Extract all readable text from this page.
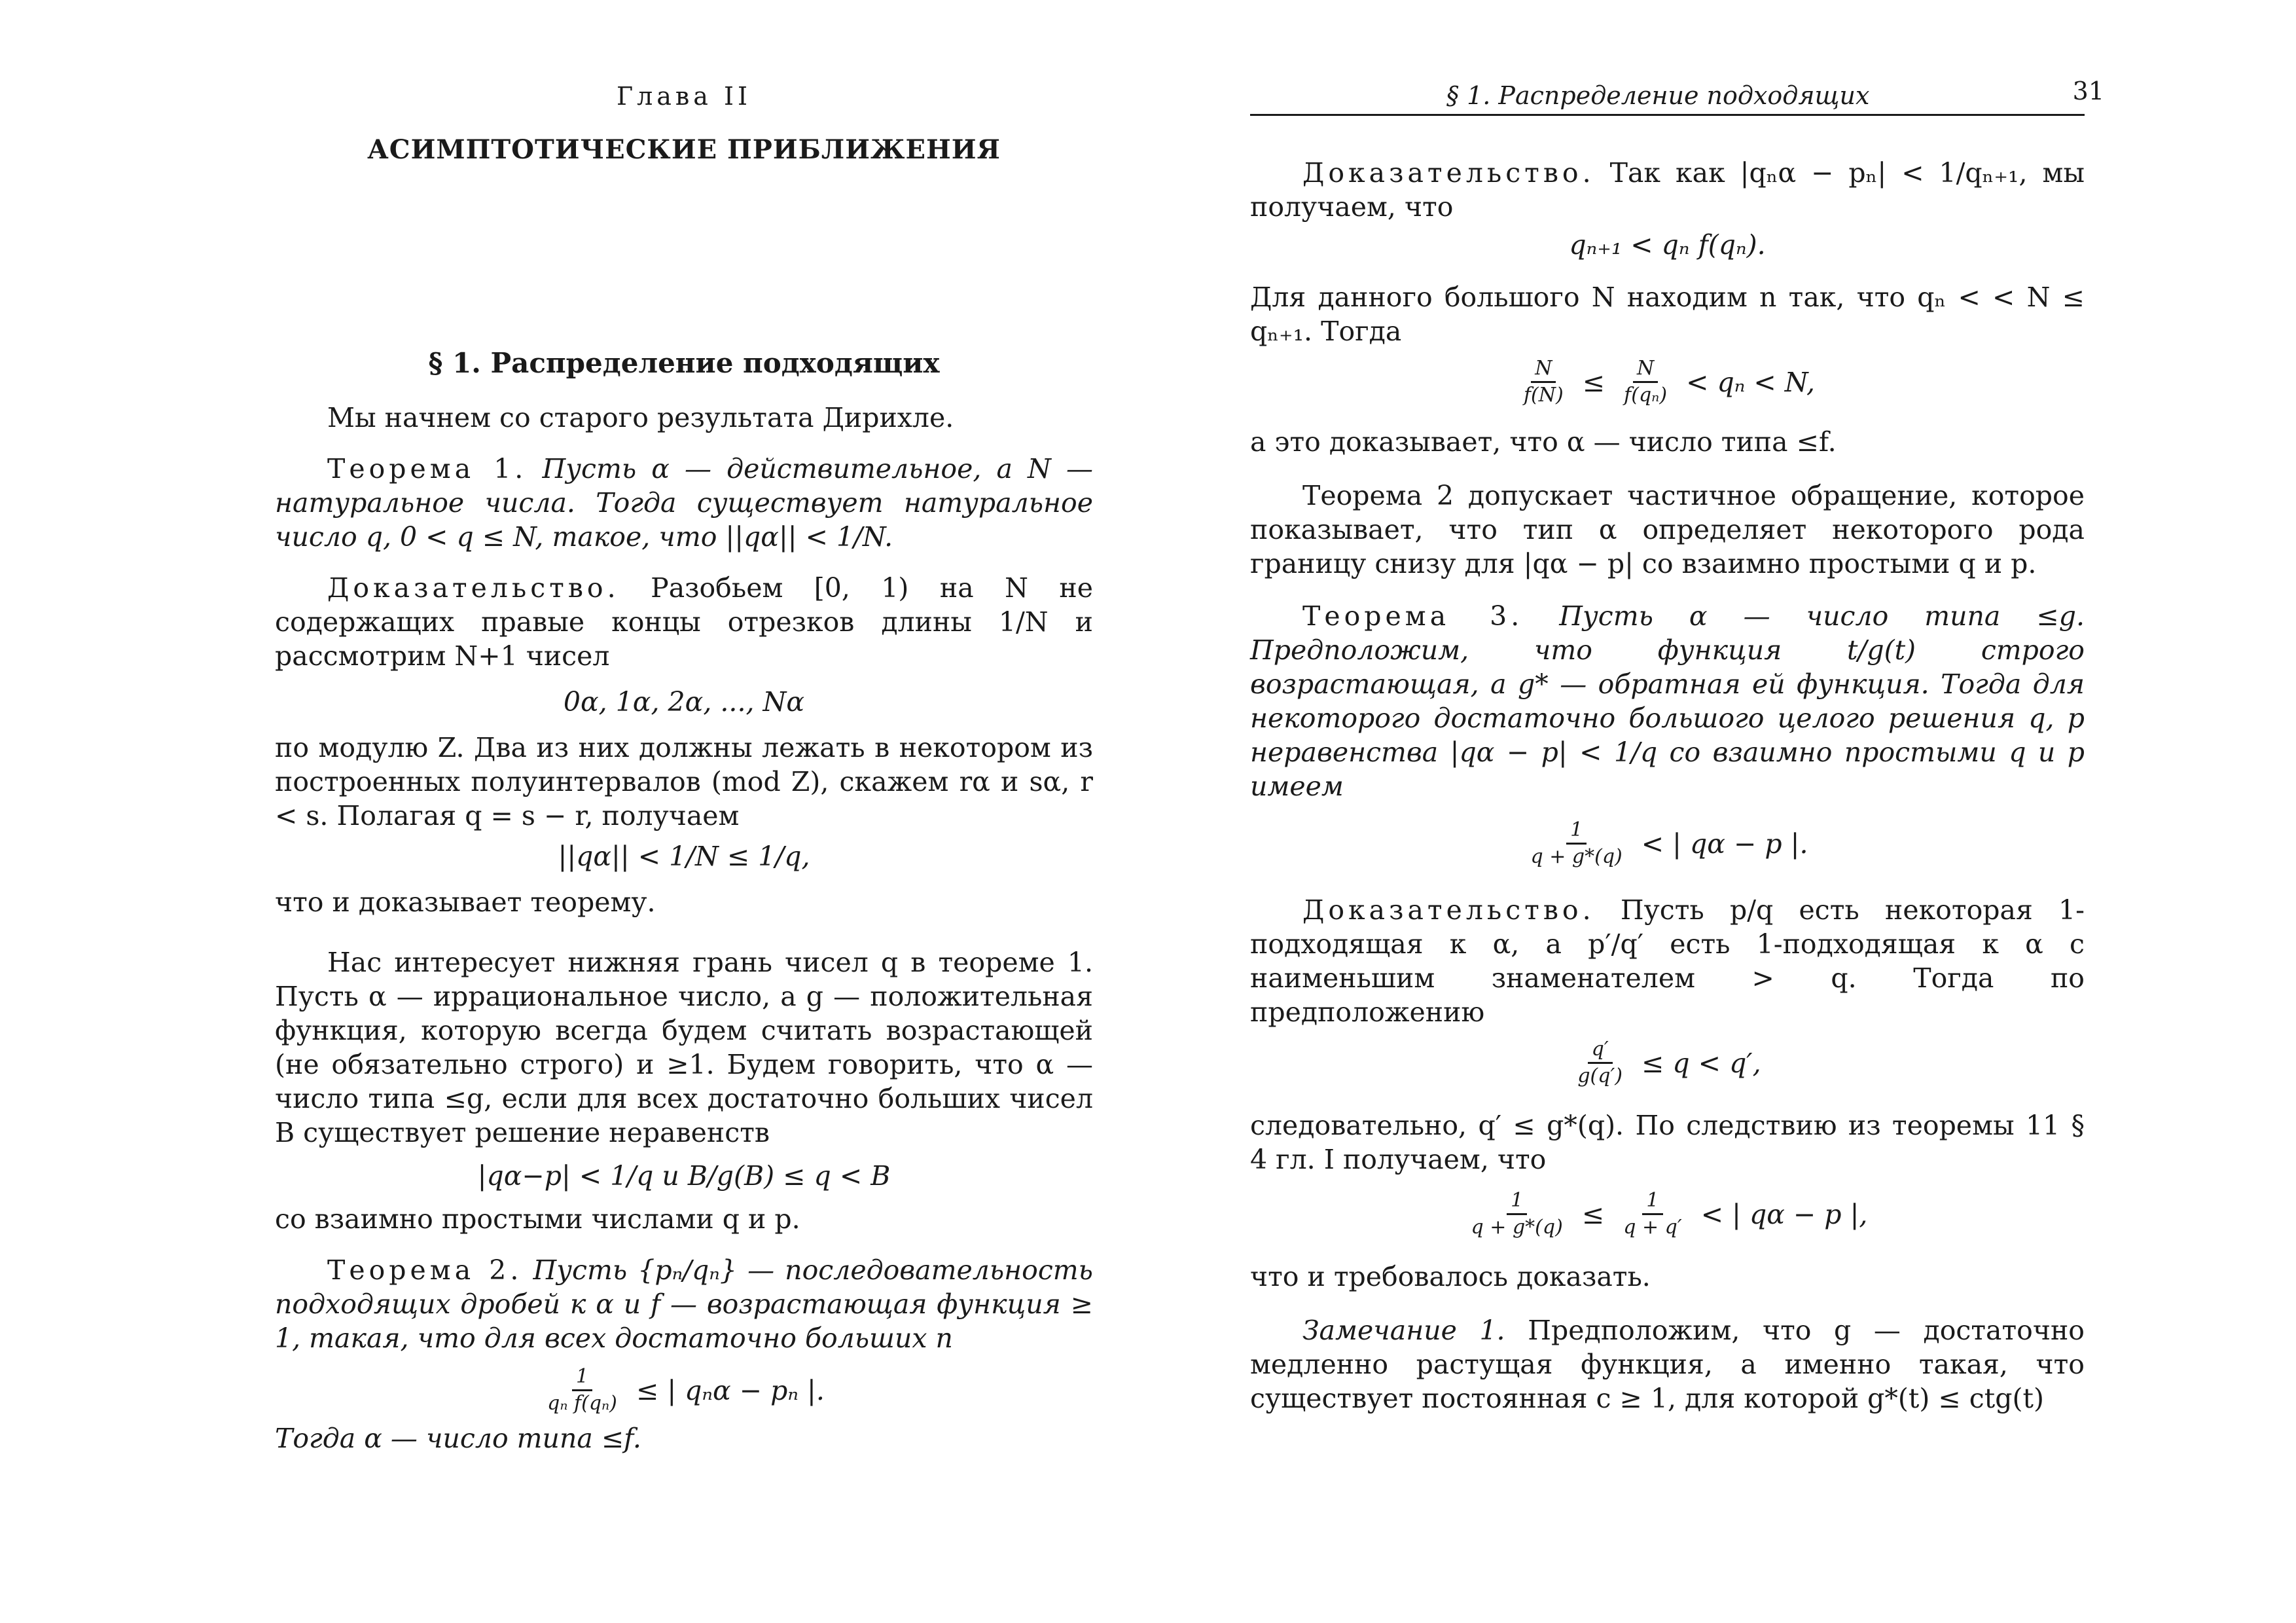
Глава II

АСИМПТОТИЧЕСКИЕ ПРИБЛИЖЕНИЯ

§ 1. Распределение подходящих

Мы начнем со старого результата Дирихле.

Теорема 1. Пусть α — действительное, а N — натуральное числа. Тогда существует натуральное число q, 0 < q ≤ N, такое, что ||qα|| < 1/N.

Доказательство. Разобьем [0, 1) на N не содержащих правые концы отрезков длины 1/N и рассмотрим N+1 чисел

0α, 1α, 2α, ..., Nα

по модулю Z. Два из них должны лежать в некотором из построенных полуинтервалов (mod Z), скажем rα и sα, r < s. Полагая q = s − r, получаем

||qα|| < 1/N ≤ 1/q,

что и доказывает теорему.

Нас интересует нижняя грань чисел q в теореме 1. Пусть α — иррациональное число, а g — положительная функция, которую всегда будем считать возрастающей (не обязательно строго) и ≥1. Будем говорить, что α — число типа ≤g, если для всех достаточно больших чисел B существует решение неравенств

|qα−p| < 1/q и B/g(B) ≤ q < B

со взаимно простыми числами q и p.

Теорема 2. Пусть {pₙ/qₙ} — последовательность подходящих дробей к α и f — возрастающая функция ≥ 1, такая, что для всех достаточно больших n

$\frac{1}{\text{qₙ f(qₙ)}}$ ≤ | qₙα − pₙ |.

Тогда α — число типа ≤f.

§ 1. Распределение подходящих	31

Доказательство. Так как |qₙα − pₙ| < 1/qₙ₊₁, мы получаем, что

qₙ₊₁ < qₙ f(qₙ).

Для данного большого N находим n так, что qₙ < < N ≤ qₙ₊₁. Тогда

$\frac{N}{f(N)} \le \frac{N}{\text{f(qₙ)}} < q_n < N$,

а это доказывает, что α — число типа ≤f.

Теорема 2 допускает частичное обращение, которое показывает, что тип α определяет некоторого рода границу снизу для |qα − p| со взаимно простыми q и p.

Теорема 3. Пусть α — число типа ≤g. Предположим, что функция t/g(t) строго возрастающая, а g* — обратная ей функция. Тогда для некоторого достаточно большого целого решения q, p неравенства |qα − p| < 1/q со взаимно простыми q и p имеем

$\frac{1}{q + g*(q)}$ < | qα − p |.

Доказательство. Пусть p/q есть некоторая 1-подходящая к α, а p′/q′ есть 1-подходящая к α с наименьшим знаменателем > q. Тогда по предположению

$\frac{q'}{g(q')} \le q < q'$,

следовательно, q′ ≤ g*(q). По следствию из теоремы 11 § 4 гл. I получаем, что

$\frac{1}{q + g*(q)} \le \frac{1}{q + q'}$ < | qα − p |,

что и требовалось доказать.

Замечание 1. Предположим, что g — достаточно медленно растущая функция, а именно такая, что существует постоянная c ≥ 1, для которой g*(t) ≤ ctg(t)
